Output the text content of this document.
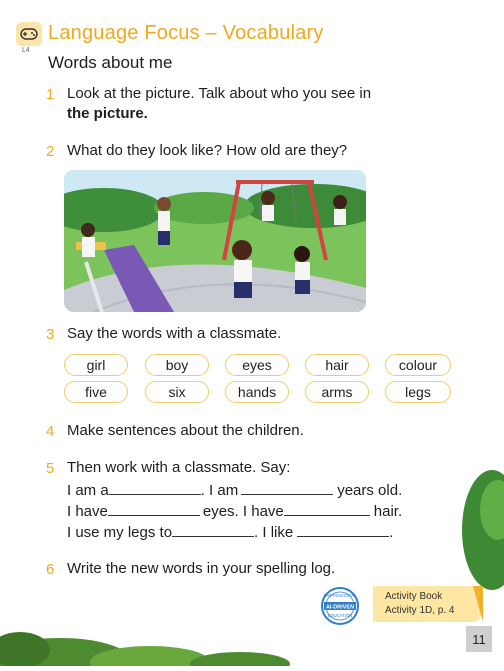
L4
Language Focus – Vocabulary
Words about me
1 Look at the picture. Talk about who you see in
the picture.
2 What do they look like? How old are they?
3 Say the words with a classmate.
girl	boy	eyes	hair	colour
five	six	hands	arms	legs
4 Make sentences about the children.
5 Then work with a classmate. Say:
I am a	. I am	years old.
I have	eyes. I have	hair.
I use my legs to	. I like	.
6 Write the new words in your spelling log.
PROFESSIONAL
AI-DRIVEN
EDUCATION
Activity Book
Activity 1D, p. 4
11
